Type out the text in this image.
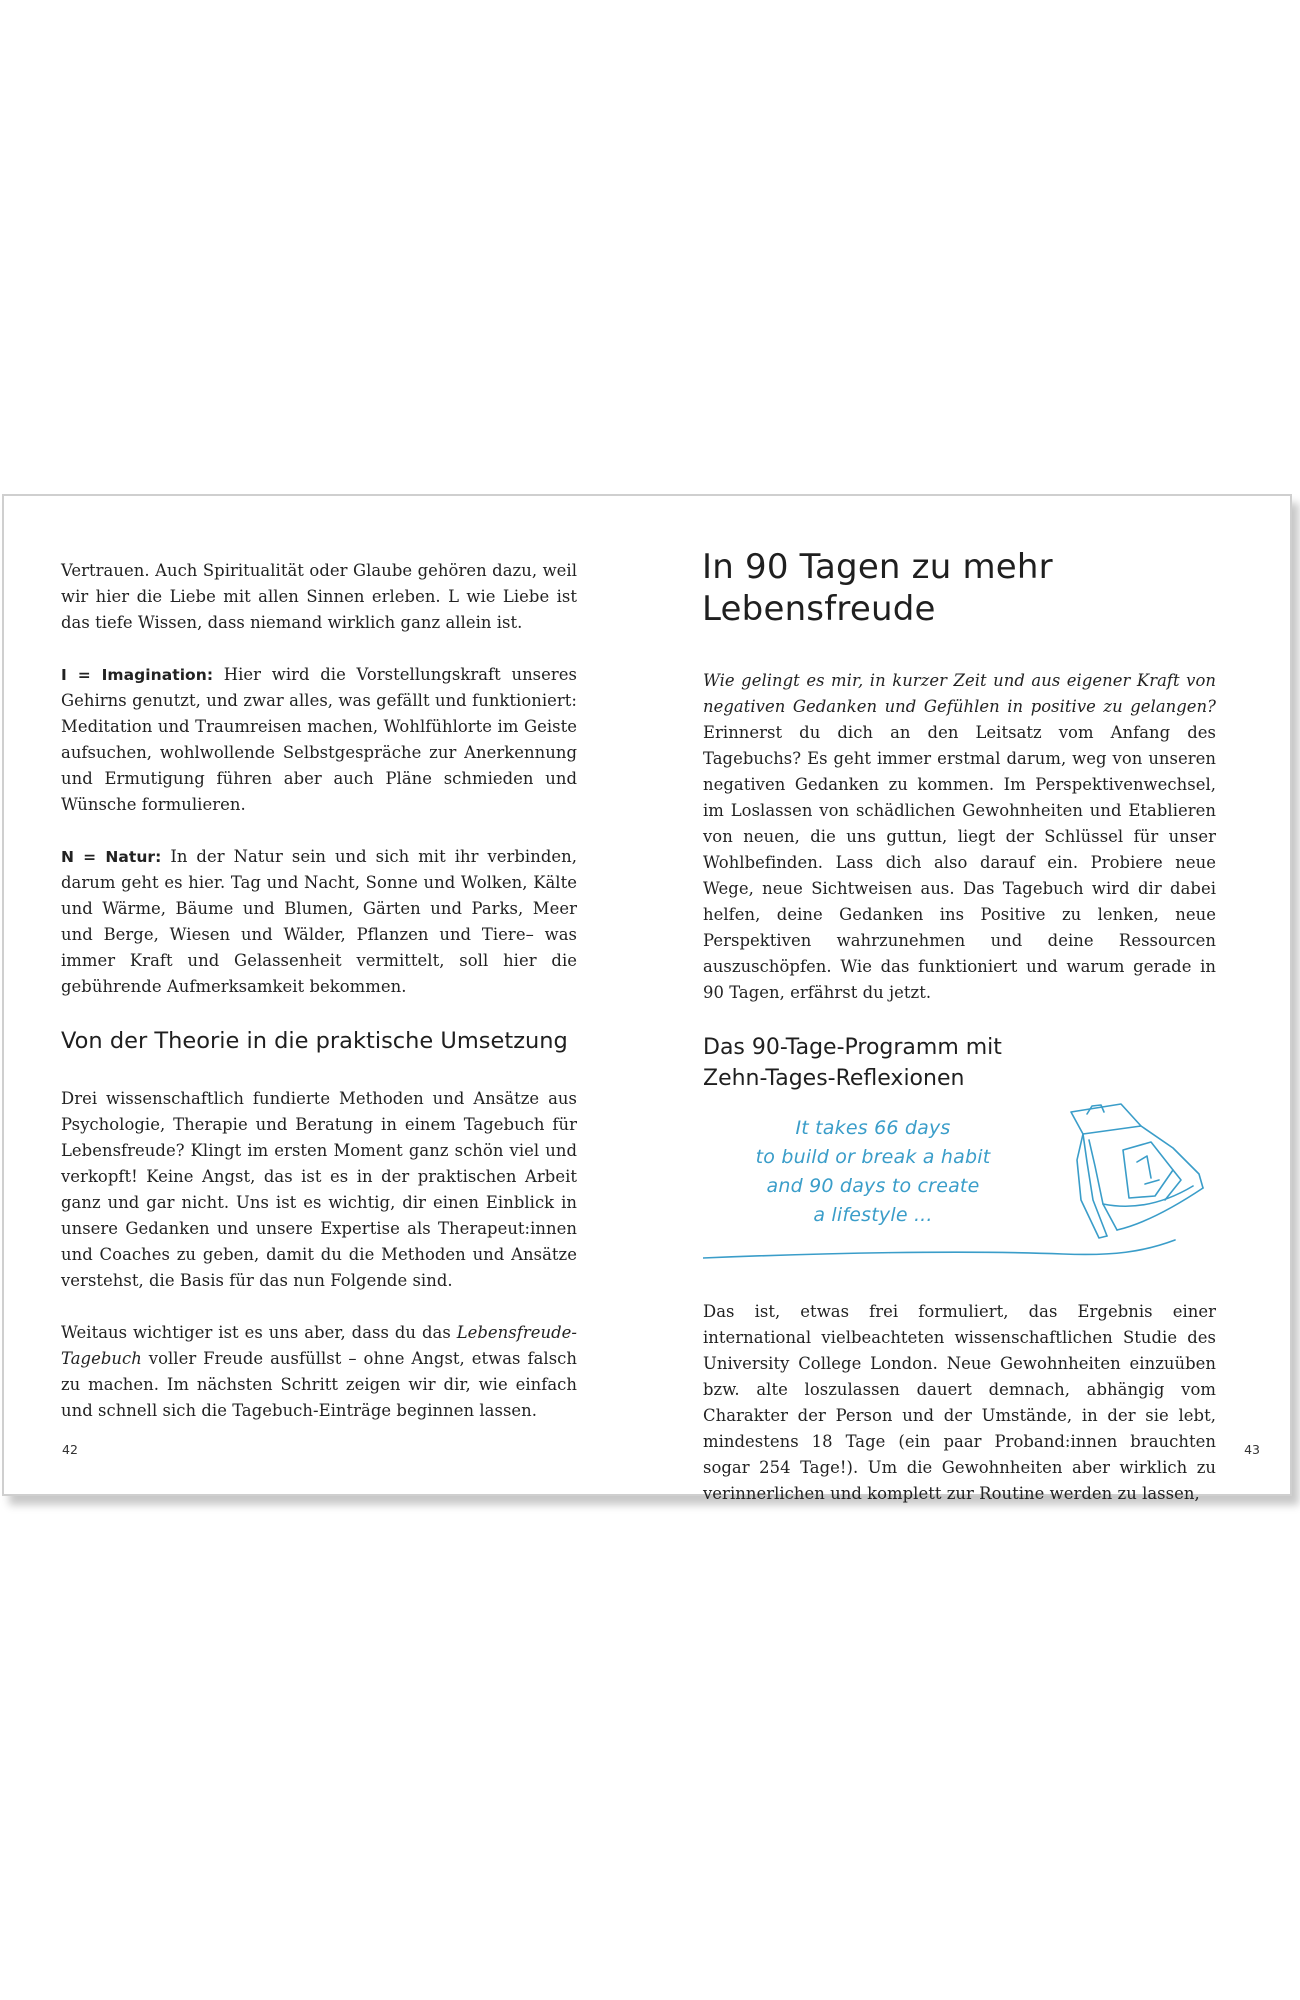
Vertrauen. Auch Spiritualität oder Glaube gehören dazu, weil wir hier die Liebe mit allen Sinnen erleben. L wie Liebe ist das tiefe Wissen, dass niemand wirklich ganz allein ist.

I = Imagination: Hier wird die Vorstellungskraft unseres Gehirns genutzt, und zwar alles, was gefällt und funktioniert: Meditation und Traumreisen machen, Wohlfühlorte im Geiste aufsuchen, wohlwollende Selbstgespräche zur Anerkennung und Ermutigung führen aber auch Pläne schmieden und Wünsche formulieren.

N = Natur: In der Natur sein und sich mit ihr verbinden, darum geht es hier. Tag und Nacht, Sonne und Wolken, Kälte und Wärme, Bäume und Blumen, Gärten und Parks, Meer und Berge, Wiesen und Wälder, Pflanzen und Tiere– was immer Kraft und Gelassenheit vermittelt, soll hier die gebührende Aufmerksamkeit bekommen.

Von der Theorie in die praktische Umsetzung

Drei wissenschaftlich fundierte Methoden und Ansätze aus Psychologie, Therapie und Beratung in einem Tagebuch für Lebensfreude? Klingt im ersten Moment ganz schön viel und verkopft! Keine Angst, das ist es in der praktischen Arbeit ganz und gar nicht. Uns ist es wichtig, dir einen Einblick in unsere Gedanken und unsere Expertise als Therapeut:innen und Coaches zu geben, damit du die Methoden und Ansätze verstehst, die Basis für das nun Folgende sind.

Weitaus wichtiger ist es uns aber, dass du das Lebensfreude-Tagebuch voller Freude ausfüllst – ohne Angst, etwas falsch zu machen. Im nächsten Schritt zeigen wir dir, wie einfach und schnell sich die Tagebuch-Einträge beginnen lassen.

42
In 90 Tagen zu mehr Lebensfreude

Wie gelingt es mir, in kurzer Zeit und aus eigener Kraft von negativen Gedanken und Gefühlen in positive zu gelangen? Erinnerst du dich an den Leitsatz vom Anfang des Tagebuchs? Es geht immer erstmal darum, weg von unseren negativen Gedanken zu kommen. Im Perspektivenwechsel, im Loslassen von schädlichen Gewohnheiten und Etablieren von neuen, die uns guttun, liegt der Schlüssel für unser Wohlbefinden. Lass dich also darauf ein. Probiere neue Wege, neue Sichtweisen aus. Das Tagebuch wird dir dabei helfen, deine Gedanken ins Positive zu lenken, neue Perspektiven wahrzunehmen und deine Ressourcen auszuschöpfen. Wie das funktioniert und warum gerade in 90 Tagen, erfährst du jetzt.

Das 90-Tage-Programm mit
Zehn-Tages-Reflexionen
It takes 66 days
to build or break a habit
and 90 days to create
a lifestyle ...

Das ist, etwas frei formuliert, das Ergebnis einer international vielbeachteten wissenschaftlichen Studie des University College London. Neue Gewohnheiten einzuüben bzw. alte loszulassen dauert demnach, abhängig vom Charakter der Person und der Umstände, in der sie lebt, mindestens 18 Tage (ein paar Proband:innen brauchten sogar 254 Tage!). Um die Gewohnheiten aber wirklich zu verinnerlichen und komplett zur Routine werden zu lassen,

43
